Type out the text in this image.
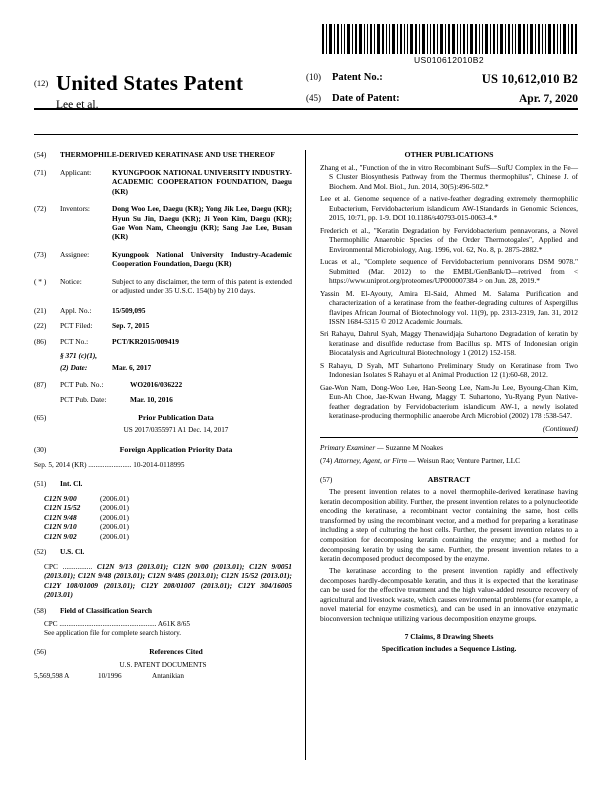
US010612010B2
(12) United States Patent
Lee et al.
(10)	Patent No.:	US 10,612,010 B2
(45)	Date of Patent:	Apr. 7, 2020
(54)	THERMOPHILE-DERIVED KERATINASE AND USE THEREOF
(71)	Applicant:	KYUNGPOOK NATIONAL UNIVERSITY INDUSTRY-ACADEMIC COOPERATION FOUNDATION, Daegu (KR)
(72)	Inventors:	Dong Woo Lee, Daegu (KR); Yong Jik Lee, Daegu (KR); Hyun Su Jin, Daegu (KR); Ji Yeon Kim, Daegu (KR); Gae Won Nam, Cheongju (KR); Sang Jae Lee, Busan (KR)
(73)	Assignee:	Kyungpook National University Industry-Academic Cooperation Foundation, Daegu (KR)
( * )	Notice:	Subject to any disclaimer, the term of this patent is extended or adjusted under 35 U.S.C. 154(b) by 210 days.
(21)	Appl. No.:	15/509,095
(22)	PCT Filed:	Sep. 7, 2015
(86)	PCT No.:	PCT/KR2015/009419
§ 371 (c)(1),
(2) Date:	Mar. 6, 2017
(87)	PCT Pub. No.:	WO2016/036222
PCT Pub. Date:	Mar. 10, 2016
(65)	Prior Publication Data
US 2017/0355971 A1 Dec. 14, 2017
(30)	Foreign Application Priority Data
Sep. 5, 2014 (KR) ........................ 10-2014-0118995
(51)	Int. Cl.
C12N 9/00	(2006.01)
C12N 15/52	(2006.01)
C12N 9/48	(2006.01)
C12N 9/10	(2006.01)
C12N 9/02	(2006.01)
(52)	U.S. Cl.
CPC ................ C12N 9/13 (2013.01); C12N 9/00 (2013.01); C12N 9/0051 (2013.01); C12N 9/48 (2013.01); C12N 9/485 (2013.01); C12N 15/52 (2013.01); C12Y 108/01009 (2013.01); C12Y 208/01007 (2013.01); C12Y 304/16005 (2013.01)
(58)	Field of Classification Search
CPC ...................................................... A61K 8/65
See application file for complete search history.
(56)	References Cited
U.S. PATENT DOCUMENTS
5,569,598 A	10/1996	Antanikian
OTHER PUBLICATIONS
Zhang et al., "Function of the in vitro Recombinant SufS—SufU Complex in the Fe—S Cluster Biosynthesis Pathway from the Thermus thermophilus", Chinese J. of Biochem. And Mol. Biol., Jun. 2014, 30(5):496-502.*
Lee et al. Genome sequence of a native-feather degrading extremely thermophilic Eubacterium, Fervidobacterium islandicum AW-1Standards in Genomic Sciences, 2015, 10:71, pp. 1-9. DOI 10.1186/s40793-015-0063-4.*
Frederich et al., "Keratin Degradation by Fervidobacterium pennavorans, a Novel Thermophilic Anaerobic Species of the Order Thermotogales", Applied and Environmental Microbiology, Aug. 1996, vol. 62, No. 8, p. 2875-2882.*
Lucas et al., "Complete sequence of Fervidobacterium pennivorans DSM 9078." Submitted (Mar. 2012) to the EMBL/GenBank/D—retrived from < https://www.uniprot.org/proteomes/UP000007384 > on Jun. 28, 2019.*
Yassin M. El-Ayouty, Amira El-Said, Ahmed M. Salama Purification and characterization of a keratinase from the feather-degrading cultures of Aspergillus flavipes African Journal of Biotechnology vol. 11(9), pp. 2313-2319, Jan. 31, 2012 ISSN 1684-5315 © 2012 Academic Journals.
Sri Rahayu, Dahrul Syah, Maggy Thenawidjaja Suhartono Degradation of keratin by keratinase and disulfide reductase from Bacillus sp. MTS of Indonesian origin Biocatalysis and Agricultural Biotechnology 1 (2012) 152-158.
S Rahayu, D Syah, MT Suhartono Preliminary Study on Keratinase from Two Indonesian Isolates S Rahayu et al Animal Production 12 (1):60-68, 2012.
Gae-Won Nam, Dong-Woo Lee, Han-Seong Lee, Nam-Ju Lee, Byoung-Chan Kim, Eun-Ah Choe, Jae-Kwan Hwang, Maggy T. Suhartono, Yu-Ryang Pyun Native-feather degradation by Fervidobacterium islandicum AW-1, a newly isolated keratinase-producing thermophilic anaerobe Arch Microbiol (2002) 178 :538-547.
(Continued)
Primary Examiner — Suzanne M Noakes
(74) Attorney, Agent, or Firm — Weisun Rao; Venture Partner, LLC
(57)	ABSTRACT
The present invention relates to a novel thermophile-derived keratinase having keratin decomposition ability. Further, the present invention relates to a polynucleotide encoding the keratinase, a recombinant vector containing the same, host cells transformed by using the recombinant vector, and a method for preparing a keratinase including a step of culturing the host cells. Further, the present invention relates to a composition for decomposing keratin containing the enzyme; and a method for decomposing keratin by using the same. Further, the present invention relates to a keratin decomposed product decomposed by the enzyme.
The keratinase according to the present invention rapidly and effectively decomposes hardly-decomposable keratin, and thus it is expected that the keratinase can be used for the effective treatment and the high value-added resource recovery of agricultural and livestock waste, which causes environmental problems (for example, a novel material for enzyme cosmetics), and can be used in an innovative enzymatic bioconversion technique utilizing various decomposition enzyme groups.
7 Claims, 8 Drawing Sheets
Specification includes a Sequence Listing.
